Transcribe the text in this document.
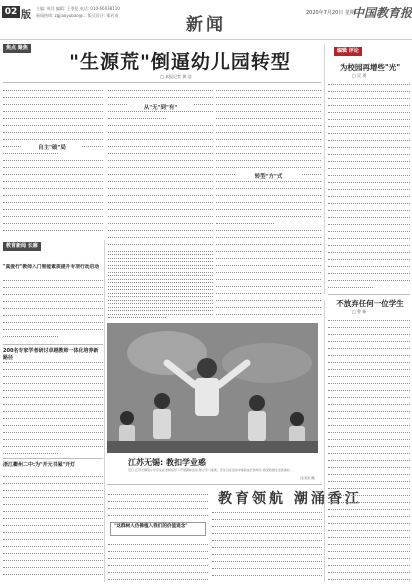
02 版
主编: 周洋 编辑: 王季伦 电话: 010-66038110
新闻热线: zgjiaoyubao@... 版式设计: 郑若英	新闻
2020年7月20日 星期一
中国教育报
焦点 聚焦
"生源荒"倒逼幼儿园转型
□ 本报记者 黄 浩
自主"破"局
从"无"到"有"
转型"方"式
教育新闻 长廊
"真爱行"教师入门智能素质提升专项行动启动
200名专家学者研讨卓越教师一体化培养新路径
浙江衢州二中:为"开元书屋"开灯	江苏无锡: 教扣学业惑
近日,江苏无锡某小学学生在老师指导下开展趣味活动,展示学习成果。学生们在活动中体验成长的快乐,感受校园生活的美好。
(张某某 摄)
"这群树人仿佛植入我们的价值观念"
教育领航 潮涌香江
编辑 评论
为校园再增些"光"
□ 吴 勇
不放弃任何一位学生
□ 曾 新
